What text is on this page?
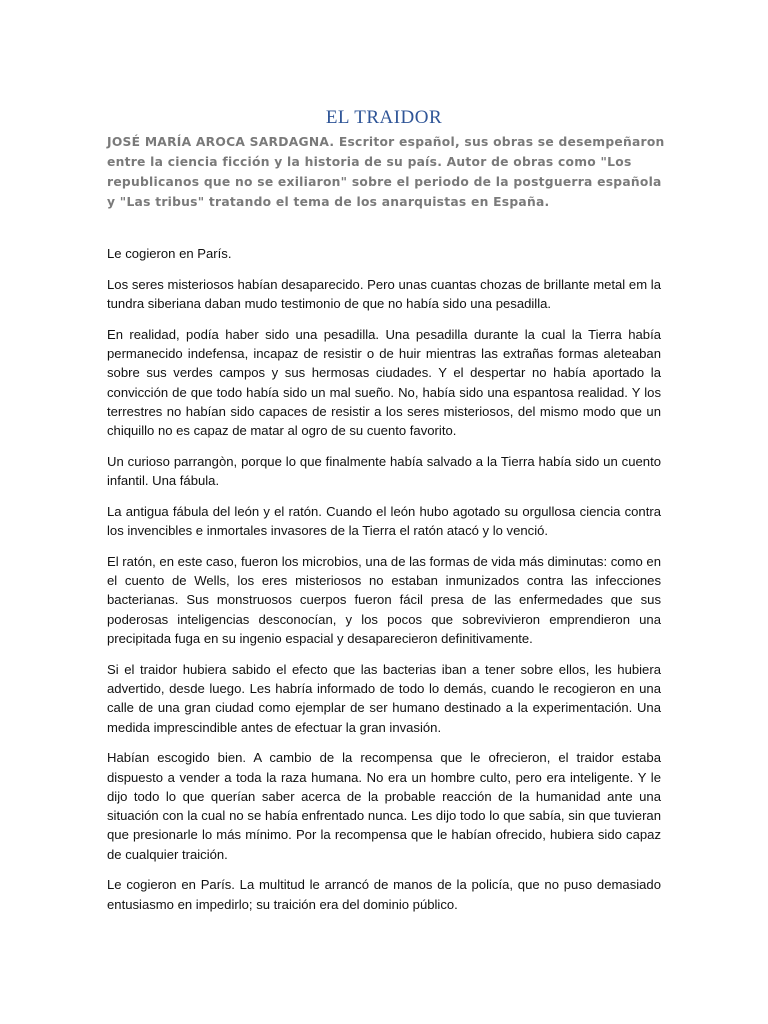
EL TRAIDOR

JOSÉ MARÍA AROCA SARDAGNA. Escritor español, sus obras se desempeñaron entre la ciencia ficción y la historia de su país. Autor de obras como "Los republicanos que no se exiliaron" sobre el periodo de la postguerra española y "Las tribus" tratando el tema de los anarquistas en España.

Le cogieron en París.

Los seres misteriosos habían desaparecido. Pero unas cuantas chozas de brillante metal em la tundra siberiana daban mudo testimonio de que no había sido una pesadilla.

En realidad, podía haber sido una pesadilla. Una pesadilla durante la cual la Tierra había permanecido indefensa, incapaz de resistir o de huir mientras las extrañas formas aleteaban sobre sus verdes campos y sus hermosas ciudades. Y el despertar no había aportado la convicción de que todo había sido un mal sueño. No, había sido una espantosa realidad. Y los terrestres no habían sido capaces de resistir a los seres misteriosos, del mismo modo que un chiquillo no es capaz de matar al ogro de su cuento favorito.

Un curioso parrangòn, porque lo que finalmente había salvado a la Tierra había sido un cuento infantil. Una fábula.

La antigua fábula del león y el ratón. Cuando el león hubo agotado su orgullosa ciencia contra los invencibles e inmortales invasores de la Tierra el ratón atacó y lo venció.

El ratón, en este caso, fueron los microbios, una de las formas de vida más diminutas: como en el cuento de Wells, los eres misteriosos no estaban inmunizados contra las infecciones bacterianas. Sus monstruosos cuerpos fueron fácil presa de las enfermedades que sus poderosas inteligencias desconocían, y los pocos que sobrevivieron emprendieron una precipitada fuga en su ingenio espacial y desaparecieron definitivamente.

Si el traidor hubiera sabido el efecto que las bacterias iban a tener sobre ellos, les hubiera advertido, desde luego. Les habría informado de todo lo demás, cuando le recogieron en una calle de una gran ciudad como ejemplar de ser humano destinado a la experimentación. Una medida imprescindible antes de efectuar la gran invasión.

Habían escogido bien. A cambio de la recompensa que le ofrecieron, el traidor estaba dispuesto a vender a toda la raza humana. No era un hombre culto, pero era inteligente. Y le dijo todo lo que querían saber acerca de la probable reacción de la humanidad ante una situación con la cual no se había enfrentado nunca. Les dijo todo lo que sabía, sin que tuvieran que presionarle lo más mínimo. Por la recompensa que le habían ofrecido, hubiera sido capaz de cualquier traición.

Le cogieron en París. La multitud le arrancó de manos de la policía, que no puso demasiado entusiasmo en impedirlo; su traición era del dominio público.
